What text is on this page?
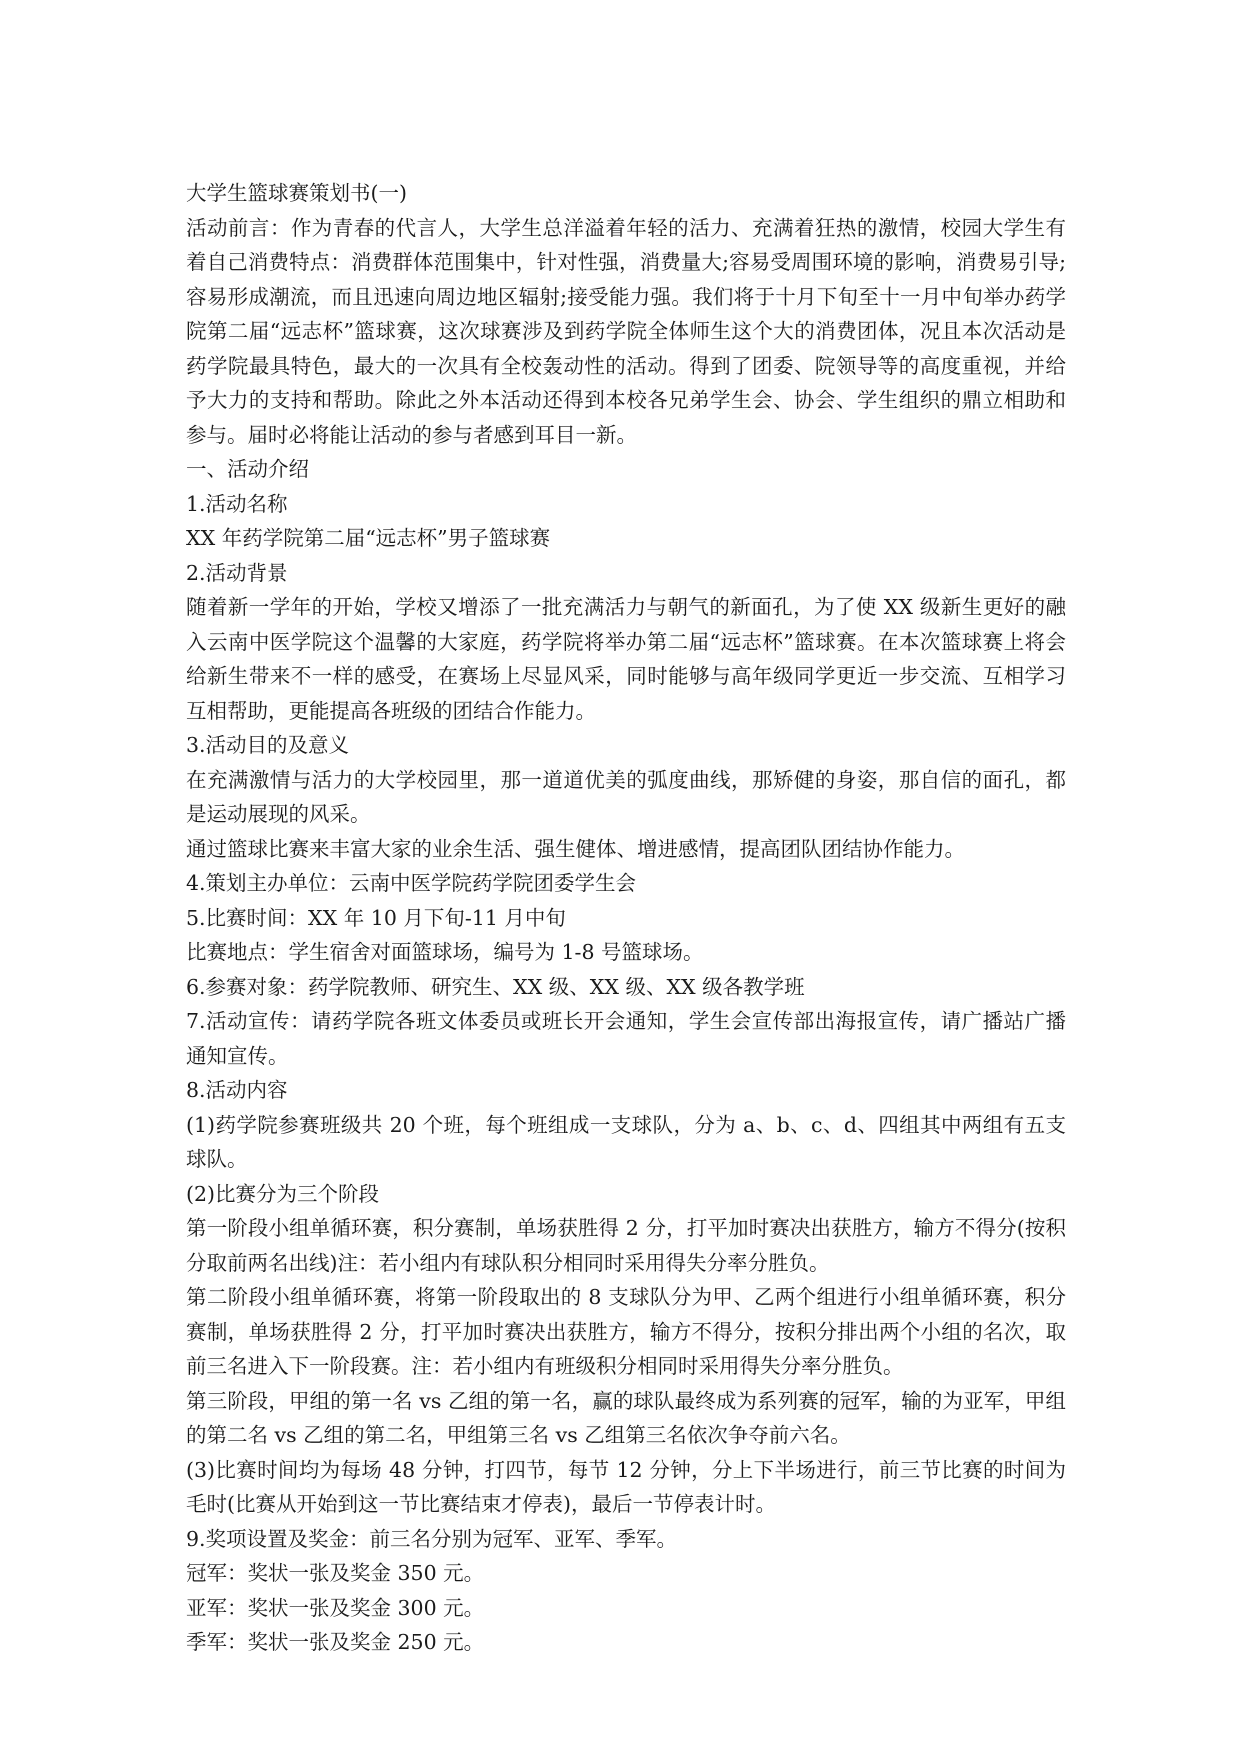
大学生篮球赛策划书(一)

活动前言：作为青春的代言人，大学生总洋溢着年轻的活力、充满着狂热的激情，校园大学生有着自己消费特点：消费群体范围集中，针对性强，消费量大;容易受周围环境的影响，消费易引导;容易形成潮流，而且迅速向周边地区辐射;接受能力强。我们将于十月下旬至十一月中旬举办药学院第二届“远志杯”篮球赛，这次球赛涉及到药学院全体师生这个大的消费团体，况且本次活动是药学院最具特色，最大的一次具有全校轰动性的活动。得到了团委、院领导等的高度重视，并给予大力的支持和帮助。除此之外本活动还得到本校各兄弟学生会、协会、学生组织的鼎立相助和参与。届时必将能让活动的参与者感到耳目一新。

一、活动介绍

1.活动名称

XX 年药学院第二届“远志杯”男子篮球赛

2.活动背景

随着新一学年的开始，学校又增添了一批充满活力与朝气的新面孔，为了使 XX 级新生更好的融入云南中医学院这个温馨的大家庭，药学院将举办第二届“远志杯”篮球赛。在本次篮球赛上将会给新生带来不一样的感受，在赛场上尽显风采，同时能够与高年级同学更近一步交流、互相学习互相帮助，更能提高各班级的团结合作能力。

3.活动目的及意义

在充满激情与活力的大学校园里，那一道道优美的弧度曲线，那矫健的身姿，那自信的面孔，都是运动展现的风采。

通过篮球比赛来丰富大家的业余生活、强生健体、增进感情，提高团队团结协作能力。

4.策划主办单位：云南中医学院药学院团委学生会

5.比赛时间：XX 年 10 月下旬-11 月中旬

比赛地点：学生宿舍对面篮球场，编号为 1-8 号篮球场。

6.参赛对象：药学院教师、研究生、XX 级、XX 级、XX 级各教学班

7.活动宣传：请药学院各班文体委员或班长开会通知，学生会宣传部出海报宣传，请广播站广播通知宣传。

8.活动内容

(1)药学院参赛班级共 20 个班，每个班组成一支球队，分为 a、b、c、d、四组其中两组有五支球队。

(2)比赛分为三个阶段

第一阶段小组单循环赛，积分赛制，单场获胜得 2 分，打平加时赛决出获胜方，输方不得分(按积分取前两名出线)注：若小组内有球队积分相同时采用得失分率分胜负。

第二阶段小组单循环赛，将第一阶段取出的 8 支球队分为甲、乙两个组进行小组单循环赛，积分赛制，单场获胜得 2 分，打平加时赛决出获胜方，输方不得分，按积分排出两个小组的名次，取前三名进入下一阶段赛。注：若小组内有班级积分相同时采用得失分率分胜负。

第三阶段，甲组的第一名 vs 乙组的第一名，赢的球队最终成为系列赛的冠军，输的为亚军，甲组的第二名 vs 乙组的第二名，甲组第三名 vs 乙组第三名依次争夺前六名。

(3)比赛时间均为每场 48 分钟，打四节，每节 12 分钟，分上下半场进行，前三节比赛的时间为毛时(比赛从开始到这一节比赛结束才停表)，最后一节停表计时。

9.奖项设置及奖金：前三名分别为冠军、亚军、季军。

冠军：奖状一张及奖金 350 元。

亚军：奖状一张及奖金 300 元。

季军：奖状一张及奖金 250 元。
